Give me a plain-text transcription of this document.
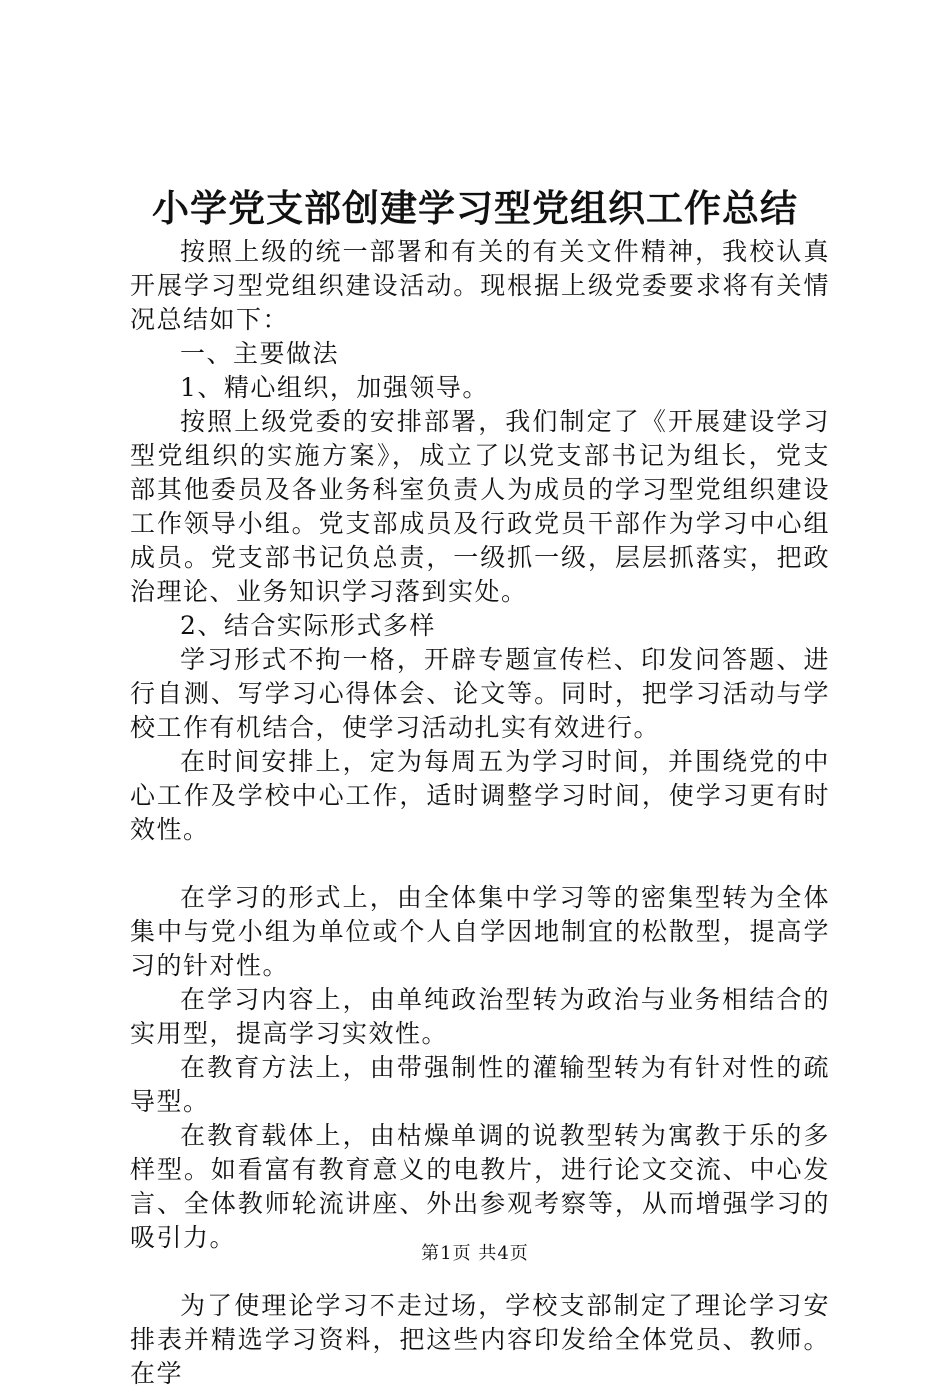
小学党支部创建学习型党组织工作总结

按照上级的统一部署和有关的有关文件精神，我校认真开展学习型党组织建设活动。现根据上级党委要求将有关情况总结如下：

一、主要做法

1、精心组织，加强领导。

按照上级党委的安排部署，我们制定了《开展建设学习型党组织的实施方案》，成立了以党支部书记为组长，党支部其他委员及各业务科室负责人为成员的学习型党组织建设工作领导小组。党支部成员及行政党员干部作为学习中心组成员。党支部书记负总责，一级抓一级，层层抓落实，把政治理论、业务知识学习落到实处。

2、结合实际形式多样

学习形式不拘一格，开辟专题宣传栏、印发问答题、进行自测、写学习心得体会、论文等。同时，把学习活动与学校工作有机结合，使学习活动扎实有效进行。

在时间安排上，定为每周五为学习时间，并围绕党的中心工作及学校中心工作，适时调整学习时间，使学习更有时效性。

在学习的形式上，由全体集中学习等的密集型转为全体集中与党小组为单位或个人自学因地制宜的松散型，提高学习的针对性。

在学习内容上，由单纯政治型转为政治与业务相结合的实用型，提高学习实效性。

在教育方法上，由带强制性的灌输型转为有针对性的疏导型。

在教育载体上，由枯燥单调的说教型转为寓教于乐的多样型。如看富有教育意义的电教片，进行论文交流、中心发言、全体教师轮流讲座、外出参观考察等，从而增强学习的吸引力。

为了使理论学习不走过场，学校支部制定了理论学习安排表并精选学习资料，把这些内容印发给全体党员、教师。在学

第1页 共4页
